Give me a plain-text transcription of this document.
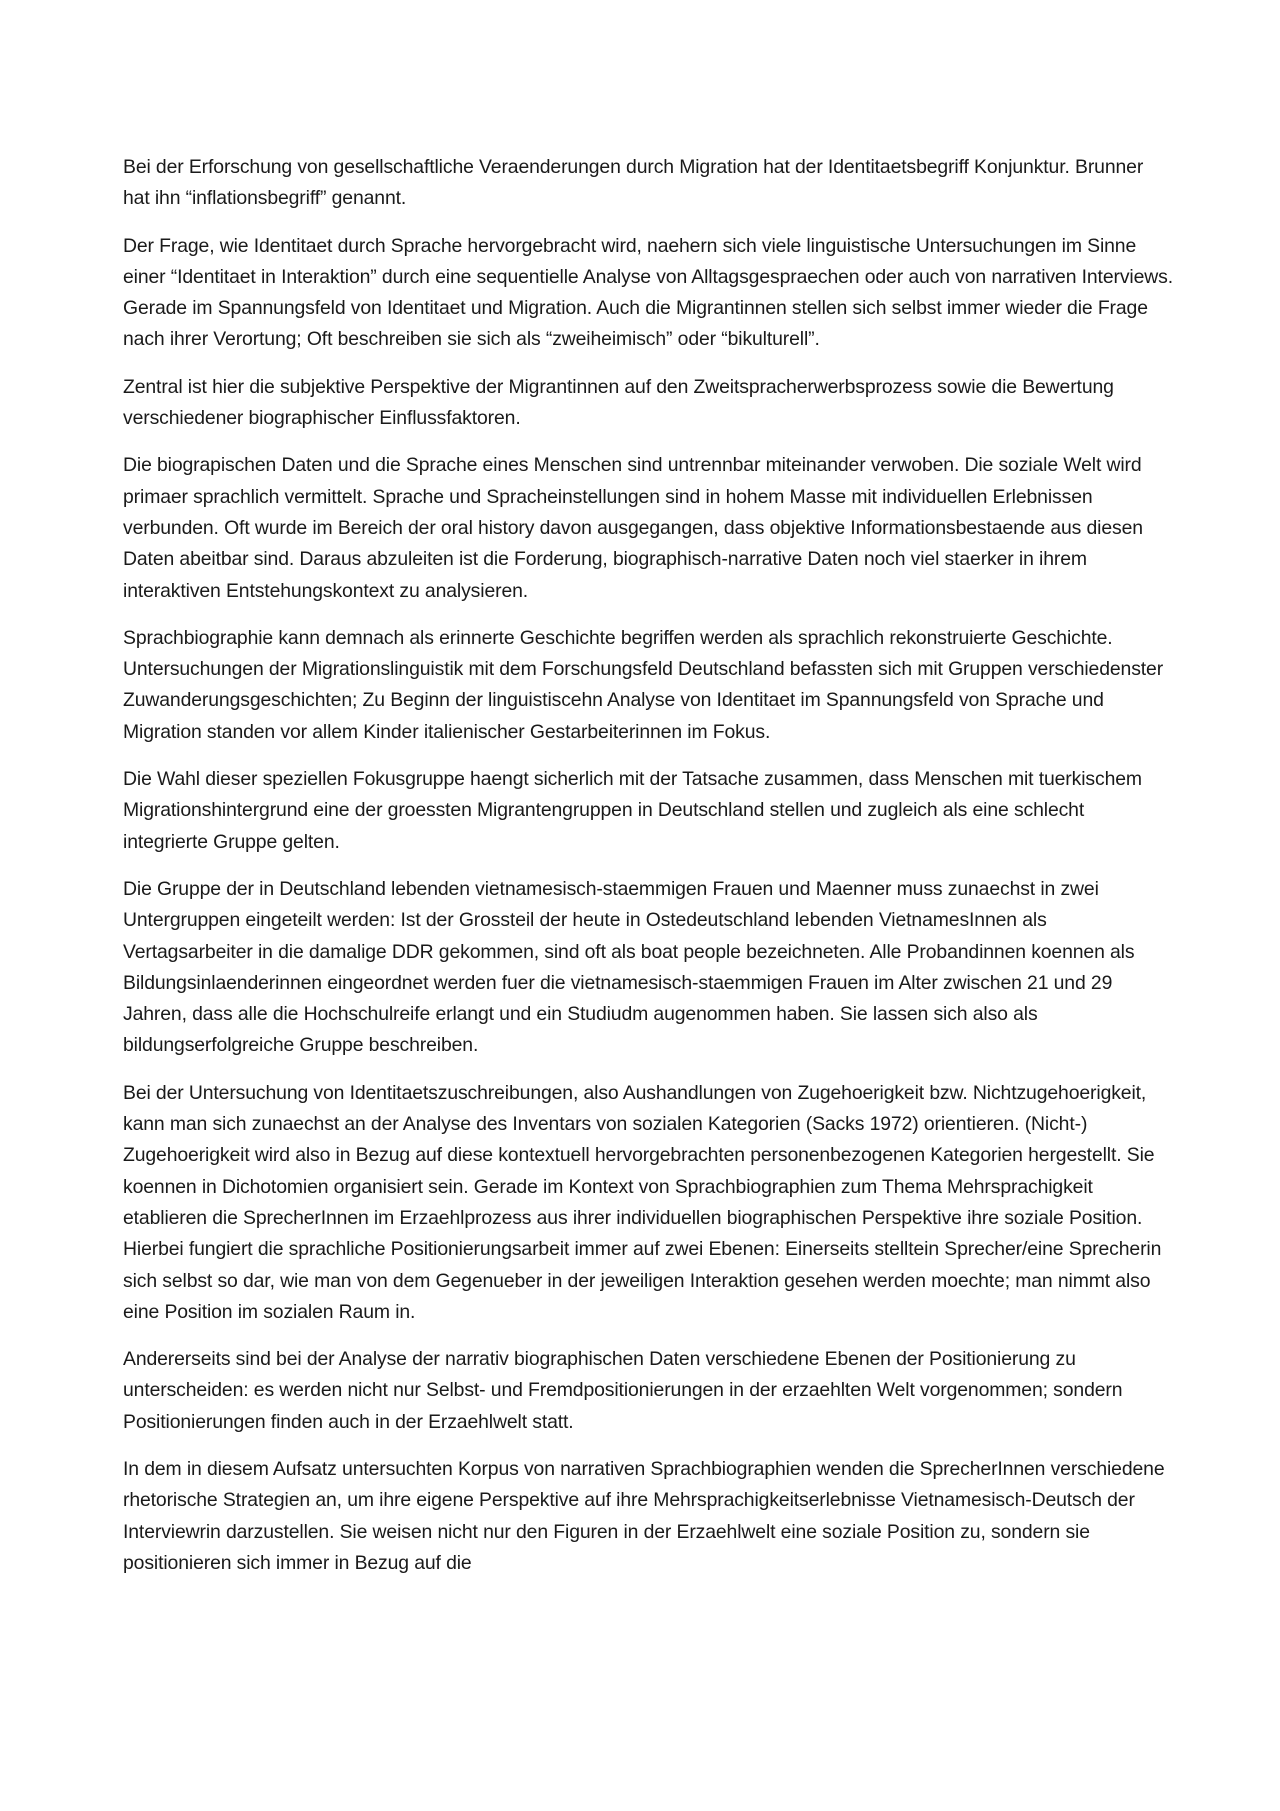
Bei der Erforschung von gesellschaftliche Veraenderungen durch Migration hat der Identitaetsbegriff Konjunktur. Brunner hat ihn “inflationsbegriff” genannt.

Der Frage, wie Identitaet durch Sprache hervorgebracht wird, naehern sich viele linguistische Untersuchungen im Sinne einer “Identitaet in Interaktion” durch eine sequentielle Analyse von Alltagsgespraechen oder auch von narrativen Interviews. Gerade im Spannungsfeld von Identitaet und Migration. Auch die Migrantinnen stellen sich selbst immer wieder die Frage nach ihrer Verortung; Oft beschreiben sie sich als “zweiheimisch” oder “bikulturell”.

Zentral ist hier die subjektive Perspektive der Migrantinnen auf den Zweitspracherwerbsprozess sowie die Bewertung verschiedener biographischer Einflussfaktoren.

Die biograpischen Daten und die Sprache eines Menschen sind untrennbar miteinander verwoben. Die soziale Welt wird primaer sprachlich vermittelt. Sprache und Spracheinstellungen sind in hohem Masse mit individuellen Erlebnissen verbunden. Oft wurde im Bereich der oral history davon ausgegangen, dass objektive Informationsbestaende aus diesen Daten abeitbar sind. Daraus abzuleiten ist die Forderung, biographisch-narrative Daten noch viel staerker in ihrem interaktiven Entstehungskontext zu analysieren.

Sprachbiographie kann demnach als erinnerte Geschichte begriffen werden als sprachlich rekonstruierte Geschichte. Untersuchungen der Migrationslinguistik mit dem Forschungsfeld Deutschland befassten sich mit Gruppen verschiedenster Zuwanderungsgeschichten; Zu Beginn der linguistiscehn Analyse von Identitaet im Spannungsfeld von Sprache und Migration standen vor allem Kinder italienischer Gestarbeiterinnen im Fokus.

Die Wahl dieser speziellen Fokusgruppe haengt sicherlich mit der Tatsache zusammen, dass Menschen mit tuerkischem Migrationshintergrund eine der groessten Migrantengruppen in Deutschland stellen und zugleich als eine schlecht integrierte Gruppe gelten.

Die Gruppe der in Deutschland lebenden vietnamesisch-staemmigen Frauen und Maenner muss zunaechst in zwei Untergruppen eingeteilt werden: Ist der Grossteil der heute in Ostedeutschland lebenden VietnamesInnen als Vertagsarbeiter in die damalige DDR gekommen, sind oft als boat people bezeichneten. Alle Probandinnen koennen als Bildungsinlaenderinnen eingeordnet werden fuer die vietnamesisch-staemmigen Frauen im Alter zwischen 21 und 29 Jahren, dass alle die Hochschulreife erlangt und ein Studiudm augenommen haben. Sie lassen sich also als bildungserfolgreiche Gruppe beschreiben.

Bei der Untersuchung von Identitaetszuschreibungen, also Aushandlungen von Zugehoerigkeit bzw. Nichtzugehoerigkeit, kann man sich zunaechst an der Analyse des Inventars von sozialen Kategorien (Sacks 1972) orientieren. (Nicht-) Zugehoerigkeit wird also in Bezug auf diese kontextuell hervorgebrachten personenbezogenen Kategorien hergestellt. Sie koennen in Dichotomien organisiert sein. Gerade im Kontext von Sprachbiographien zum Thema Mehrsprachigkeit etablieren die SprecherInnen im Erzaehlprozess aus ihrer individuellen biographischen Perspektive ihre soziale Position. Hierbei fungiert die sprachliche Positionierungsarbeit immer auf zwei Ebenen: Einerseits stelltein Sprecher/eine Sprecherin sich selbst so dar, wie man von dem Gegenueber in der jeweiligen Interaktion gesehen werden moechte; man nimmt also eine Position im sozialen Raum in.

Andererseits sind bei der Analyse der narrativ biographischen Daten verschiedene Ebenen der Positionierung zu unterscheiden: es werden nicht nur Selbst- und Fremdpositionierungen in der erzaehlten Welt vorgenommen; sondern Positionierungen finden auch in der Erzaehlwelt statt.

In dem in diesem Aufsatz untersuchten Korpus von narrativen Sprachbiographien wenden die SprecherInnen verschiedene rhetorische Strategien an, um ihre eigene Perspektive auf ihre Mehrsprachigkeitserlebnisse Vietnamesisch-Deutsch der Interviewrin darzustellen. Sie weisen nicht nur den Figuren in der Erzaehlwelt eine soziale Position zu, sondern sie positionieren sich immer in Bezug auf die
